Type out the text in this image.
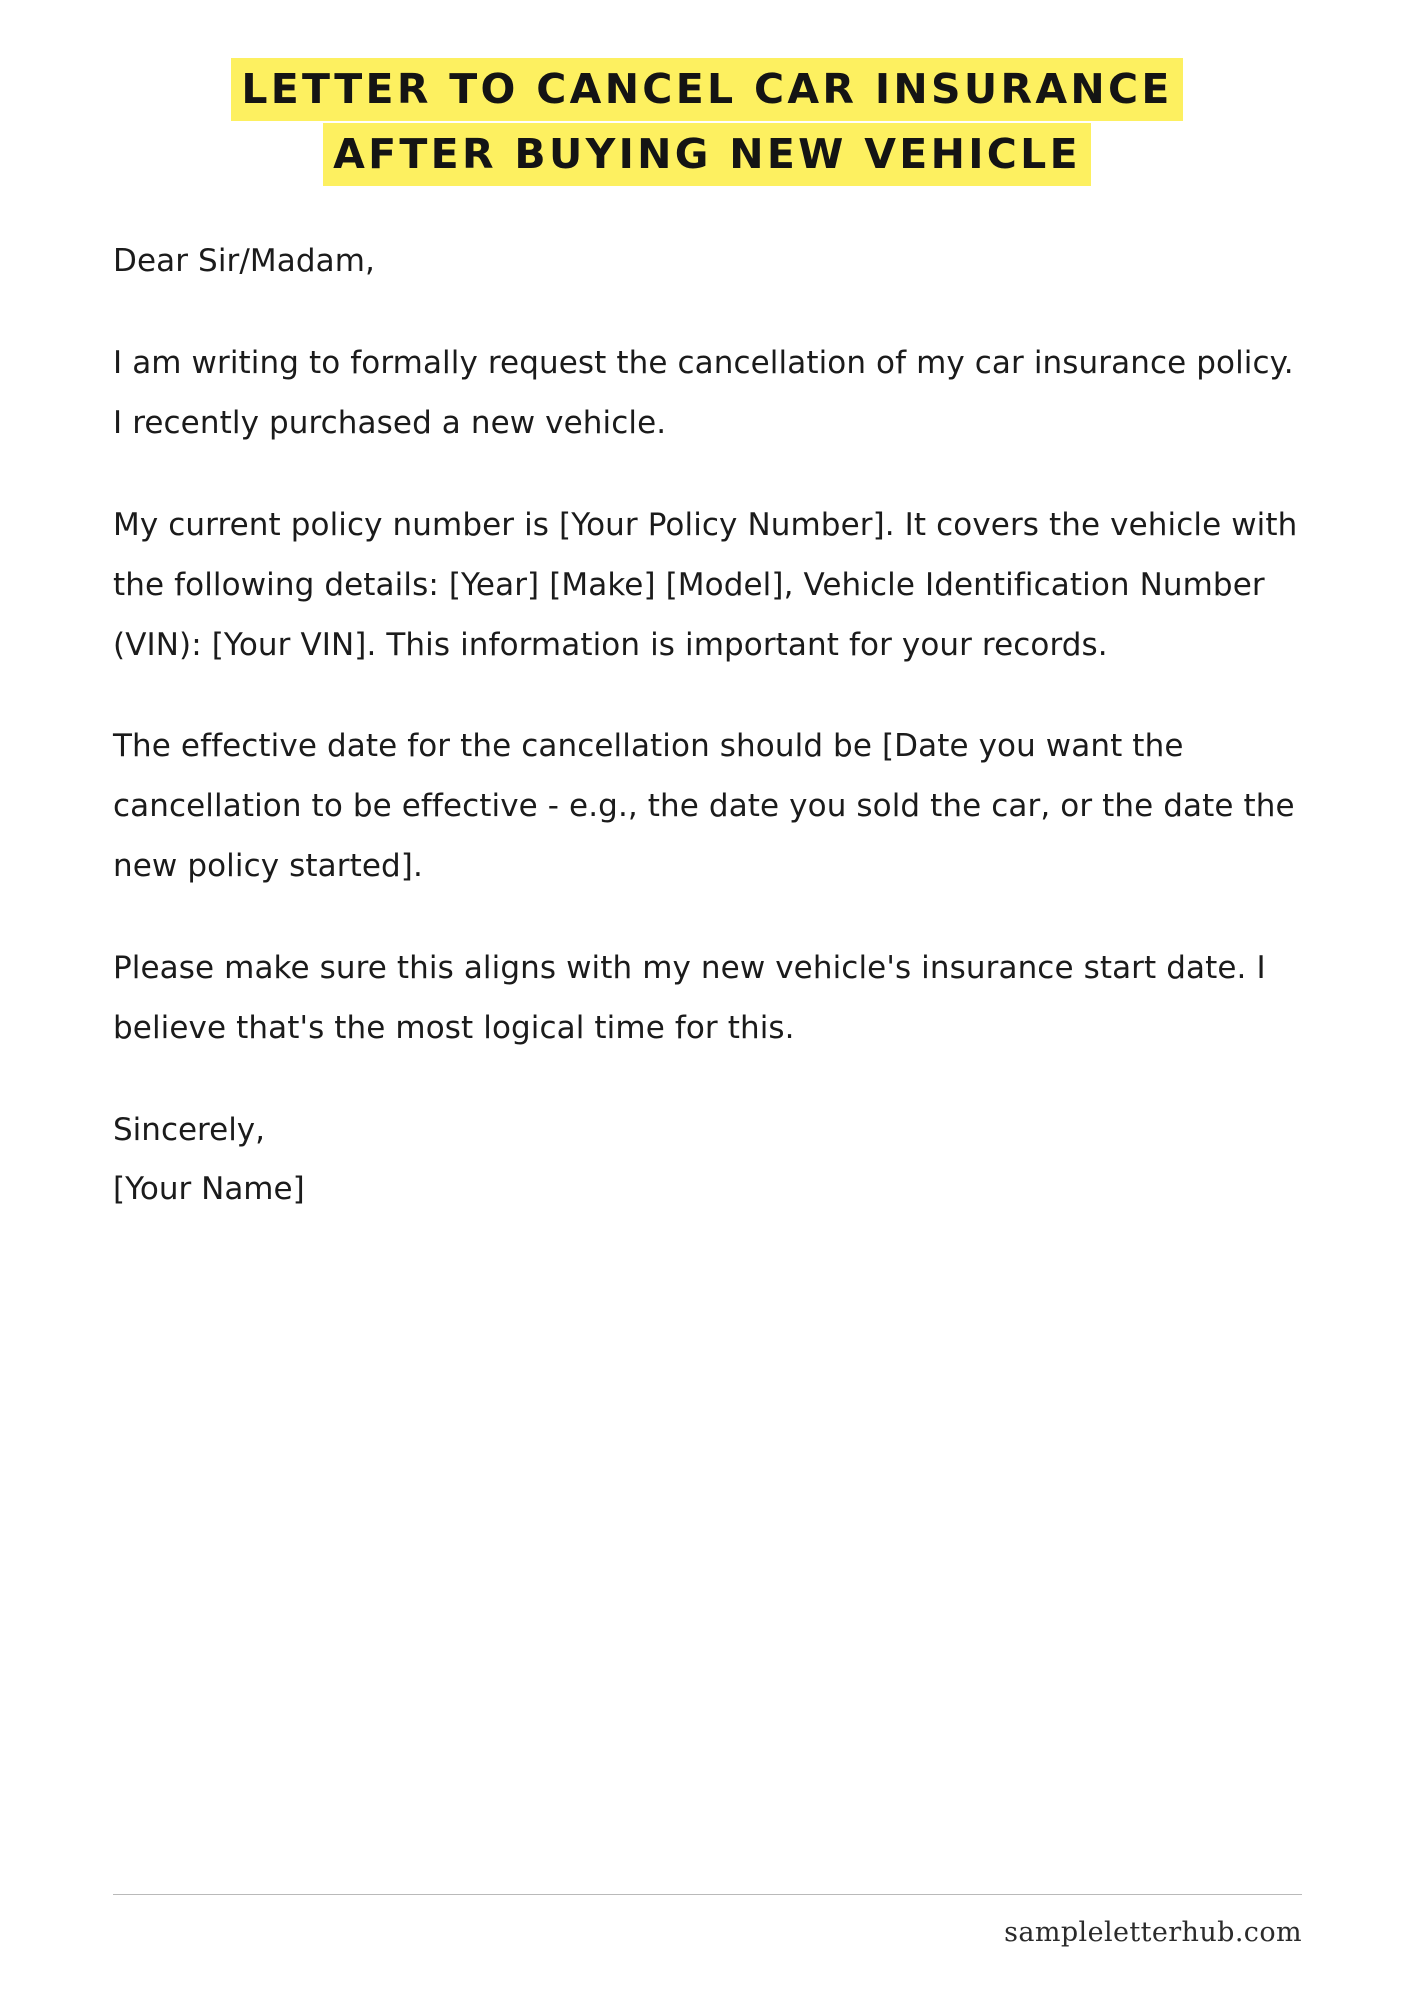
LETTER TO CANCEL CAR INSURANCE
AFTER BUYING NEW VEHICLE

Dear Sir/Madam,

I am writing to formally request the cancellation of my car insurance policy. I recently purchased a new vehicle.

My current policy number is [Your Policy Number]. It covers the vehicle with the following details: [Year] [Make] [Model], Vehicle Identification Number (VIN): [Your VIN]. This information is important for your records.

The effective date for the cancellation should be [Date you want the cancellation to be effective - e.g., the date you sold the car, or the date the new policy started].

Please make sure this aligns with my new vehicle's insurance start date. I believe that's the most logical time for this.

Sincerely,

[Your Name]

sampleletterhub.com
